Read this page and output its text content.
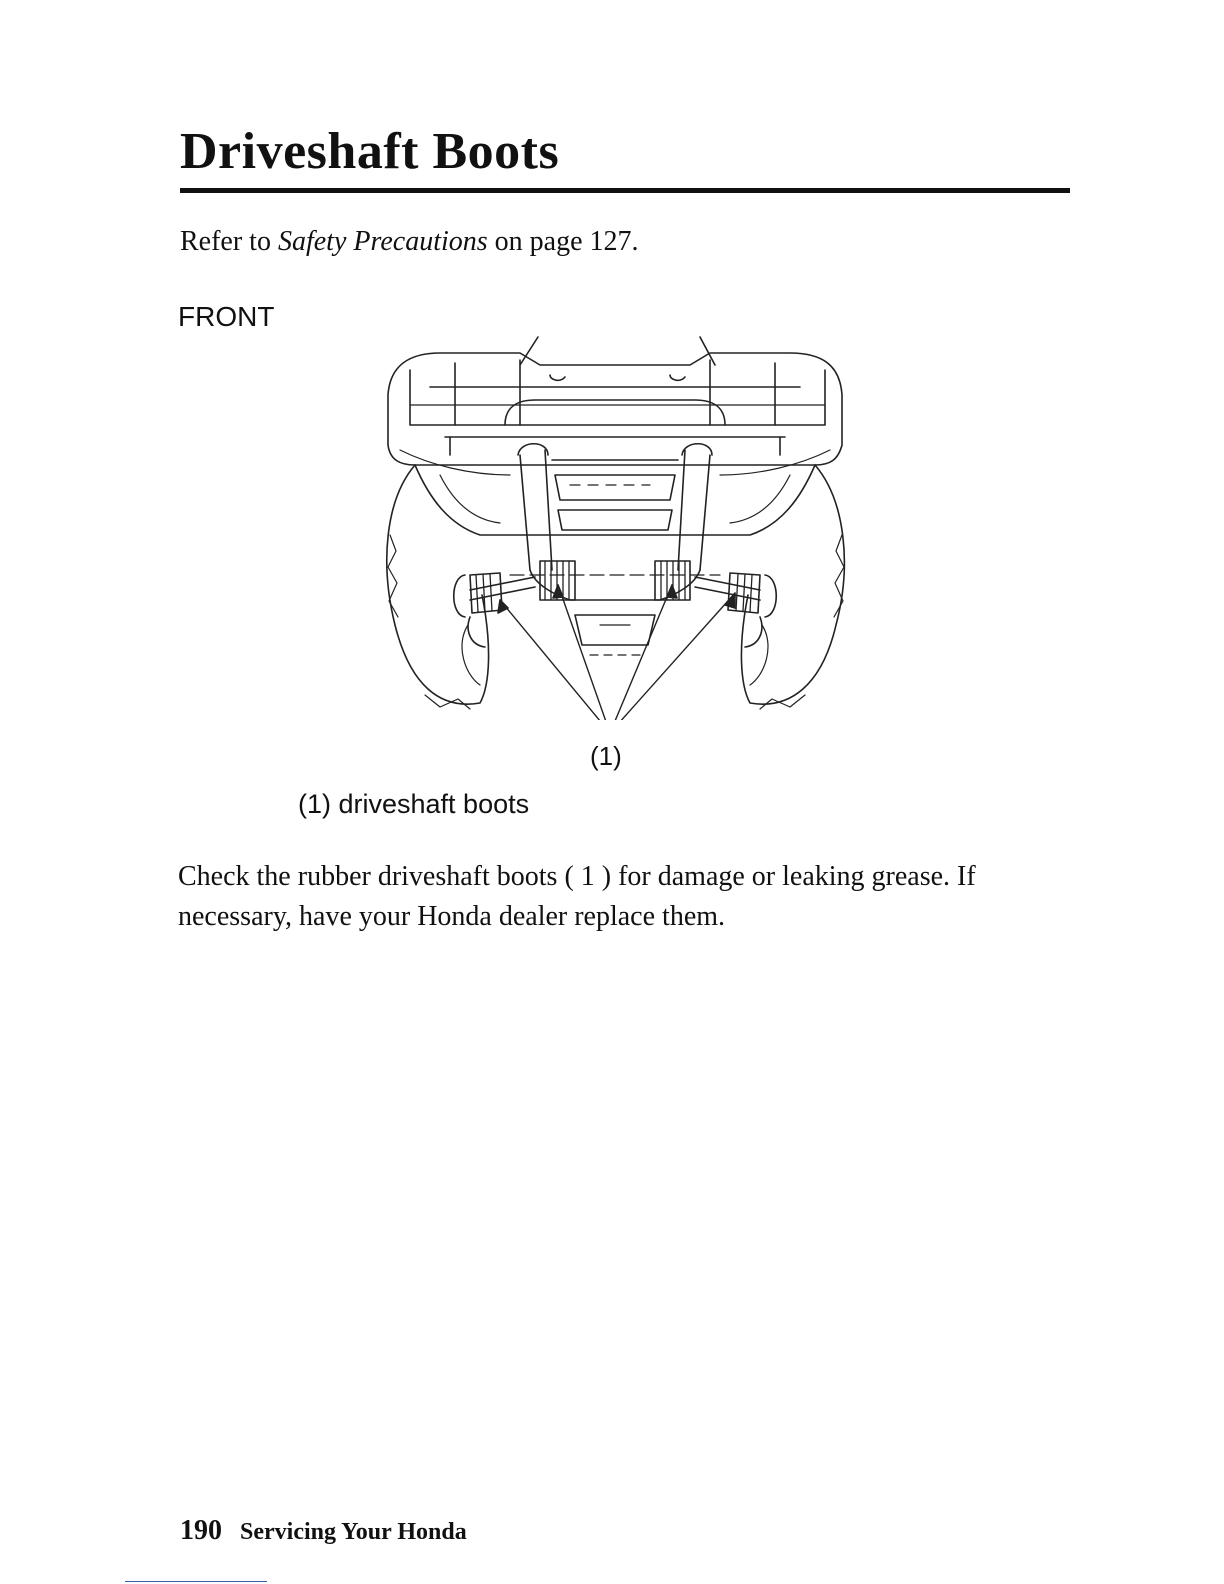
Driveshaft Boots
Refer to Safety Precautions on page 127.
FRONT
(1)
(1) driveshaft boots

Check the rubber driveshaft boots ( 1 ) for damage or leaking grease. If necessary, have your Honda dealer replace them.

190 Servicing Your Honda
